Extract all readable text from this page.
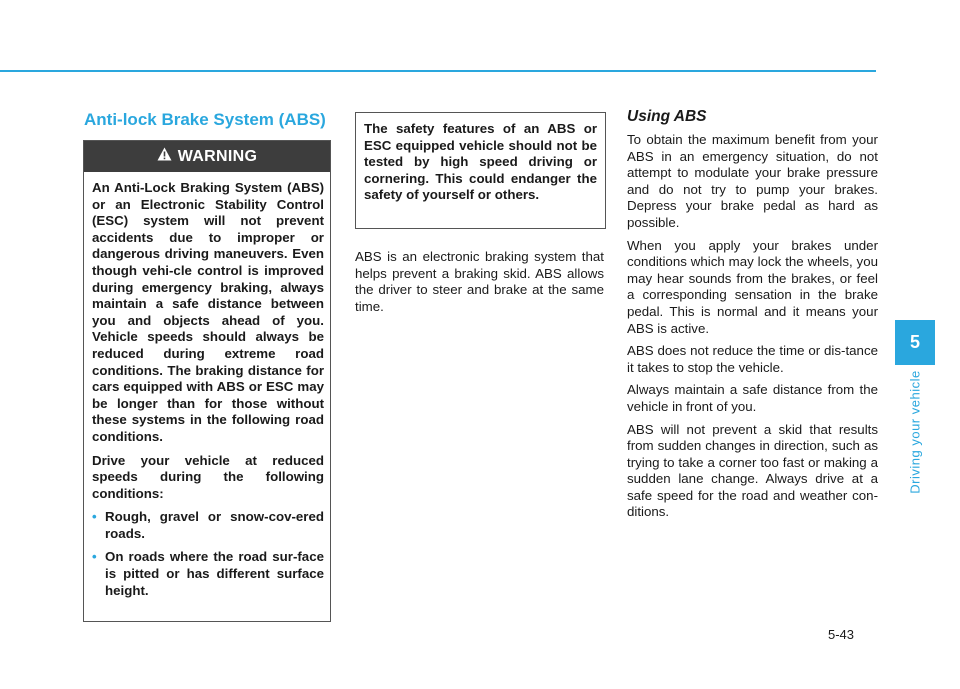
Anti-lock Brake System (ABS)
WARNING

An Anti-Lock Braking System (ABS) or an Electronic Stability Control (ESC) system will not prevent accidents due to improper or dangerous driving maneuvers. Even though vehi-cle control is improved during emergency braking, always maintain a safe distance between you and objects ahead of you. Vehicle speeds should always be reduced during extreme road conditions. The braking distance for cars equipped with ABS or ESC may be longer than for those without these systems in the following road conditions.

Drive your vehicle at reduced speeds during the following conditions:

• Rough, gravel or snow-cov-ered roads.
• On roads where the road sur-face is pitted or has different surface height.

The safety features of an ABS or ESC equipped vehicle should not be tested by high speed driving or cornering. This could endanger the safety of yourself or others.

ABS is an electronic braking system that helps prevent a braking skid. ABS allows the driver to steer and brake at the same time.

Using ABS

To obtain the maximum benefit from your ABS in an emergency situation, do not attempt to modulate your brake pressure and do not try to pump your brakes. Depress your brake pedal as hard as possible.

When you apply your brakes under conditions which may lock the wheels, you may hear sounds from the brakes, or feel a corresponding sensation in the brake pedal. This is normal and it means your ABS is active.

ABS does not reduce the time or dis-tance it takes to stop the vehicle.

Always maintain a safe distance from the vehicle in front of you.

ABS will not prevent a skid that results from sudden changes in direction, such as trying to take a corner too fast or making a sudden lane change. Always drive at a safe speed for the road and weather con-ditions.

5
Driving your vehicle
5-43
